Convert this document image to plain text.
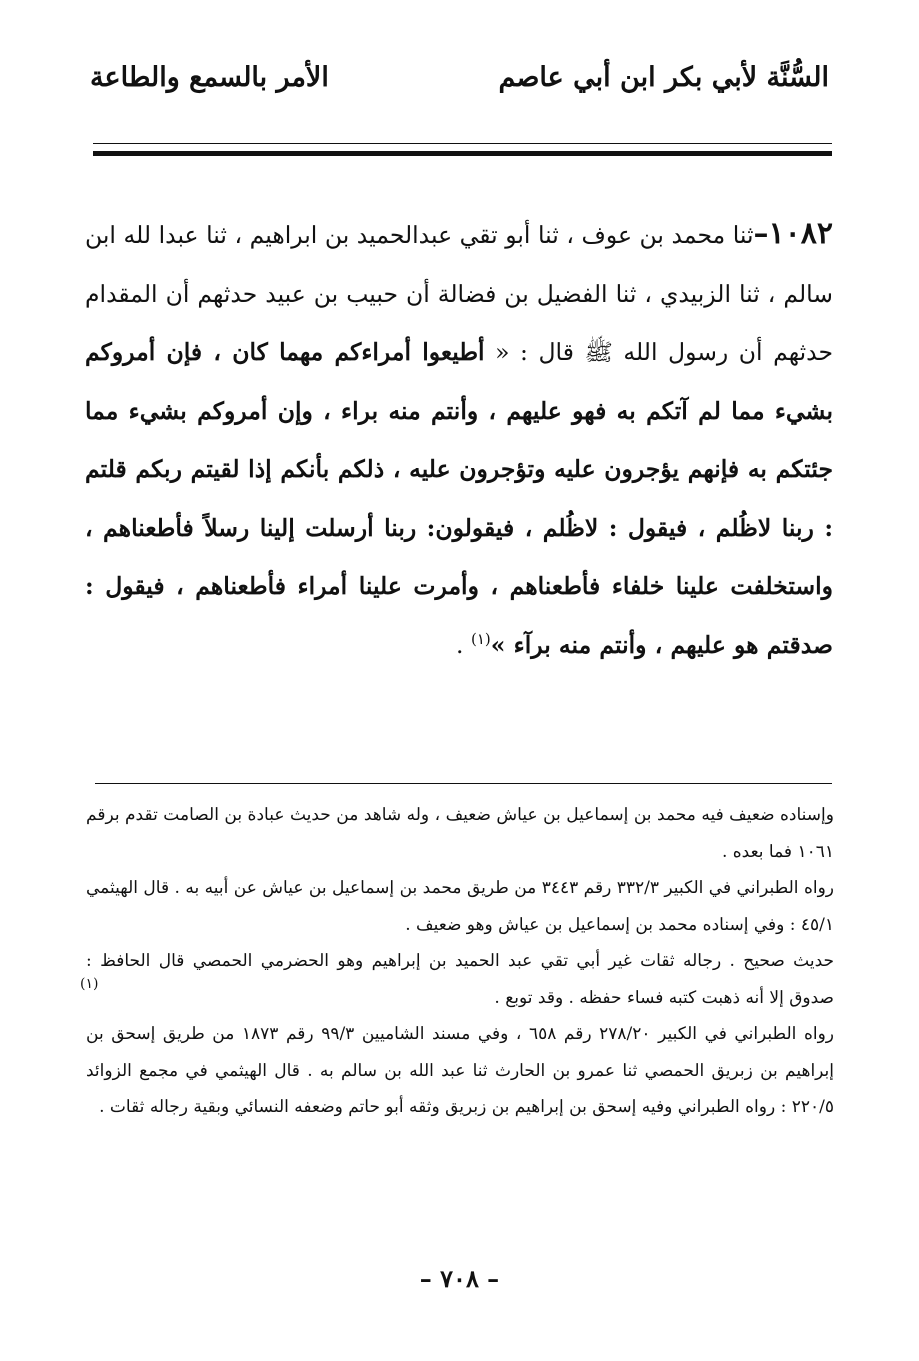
السُّنَّة لأبي بكر ابن أبي عاصم
الأمر بالسمع والطاعة
١٠٨٢–ثنا محمد بن عوف ، ثنا أبو تقي عبدالحميد بن ابراهيم ، ثنا عبدا لله ابن سالم ، ثنا الزبيدي ، ثنا الفضيل بن فضالة أن حبيب بن عبيد حدثهم أن المقدام حدثهم أن رسول الله ﷺ قال : « أطيعوا أمراءكم مهما كان ، فإن أمروكم بشيء مما لم آتكم به فهو عليهم ، وأنتم منه براء ، وإن أمروكم بشيء مما جئتكم به فإنهم يؤجرون عليه وتؤجرون عليه ، ذلكم بأنكم إذا لقيتم ربكم قلتم : ربنا لاظُلم ، فيقول : لاظُلم ، فيقولون: ربنا أرسلت إلينا رسلاً فأطعناهم ، واستخلفت علينا خلفاء فأطعناهم ، وأمرت علينا أمراء فأطعناهم ، فيقول : صدقتم هو عليهم ، وأنتم منه برآء »$^{(١)}$ .

وإسناده ضعيف فيه محمد بن إسماعيل بن عياش ضعيف ، وله شاهد من حديث عبادة بن الصامت تقدم برقم ١٠٦١ فما بعده .

رواه الطبراني في الكبير ٣٣٢/٣ رقم ٣٤٤٣ من طريق محمد بن إسماعيل بن عياش عن أبيه به . قال الهيثمي ٤٥/١ : وفي إسناده محمد بن إسماعيل بن عياش وهو ضعيف .

حديث صحيح . رجاله ثقات غير أبي تقي عبد الحميد بن إبراهيم وهو الحضرمي الحمصي قال الحافظ : صدوق إلا أنه ذهبت كتبه فساء حفظه . وقد توبع .

رواه الطبراني في الكبير ٢٧٨/٢٠ رقم ٦٥٨ ، وفي مسند الشاميين ٩٩/٣ رقم ١٨٧٣ من طريق إسحق بن إبراهيم بن زبريق الحمصي ثنا عمرو بن الحارث ثنا عبد الله بن سالم به . قال الهيثمي في مجمع الزوائد ٢٢٠/٥ : رواه الطبراني وفيه إسحق بن إبراهيم بن زبريق وثقه أبو حاتم وضعفه النسائي وبقية رجاله ثقات .

(١)
– ٧٠٨ –
